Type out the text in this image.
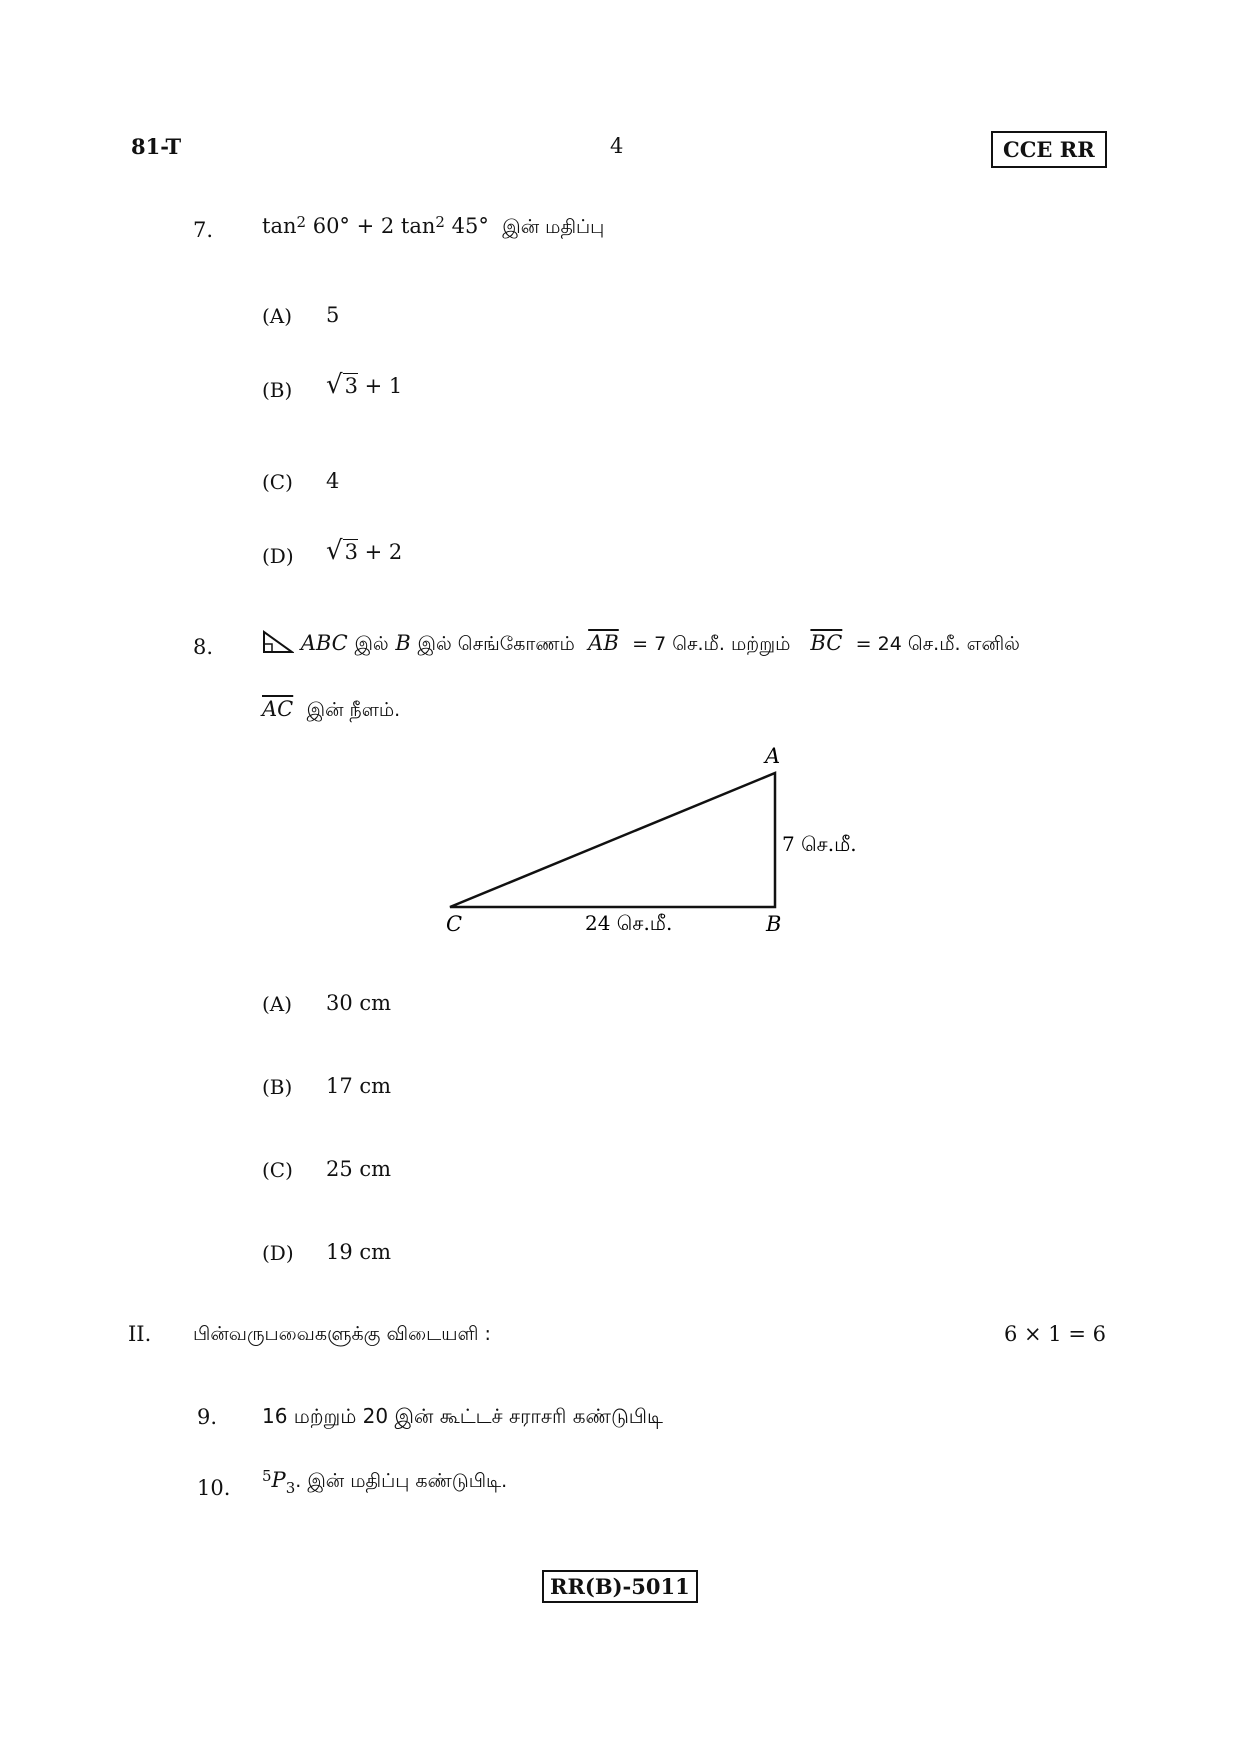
81-T	4	CCE RR
7. $\tan^2 60^\circ + 2$ $\tan^2 45^\circ$ இன் மதிப்பு
(A) 5
(B) √3 + 1
(C) 4
(D) √3 + 2
8.	ABC இல் B இல் செங்கோணம் $\overline{AB} = 7$ செ.மீ. மற்றும் $\overline{BC} = 24$ செ.மீ. எனில்
$\overline{AC}$ இன் நீளம்.
A
B
C
7 செ.மீ.
24 செ.மீ.
(A) 30 cm
(B) 17 cm
(C) 25 cm
(D) 19 cm
II. பின்வருபவைகளுக்கு விடையளி :	6 × 1 = 6
9. 16 மற்றும் 20 இன் கூட்டச் சராசரி கண்டுபிடி
10. $^5P_3$. இன் மதிப்பு கண்டுபிடி.
RR(B)-5011
